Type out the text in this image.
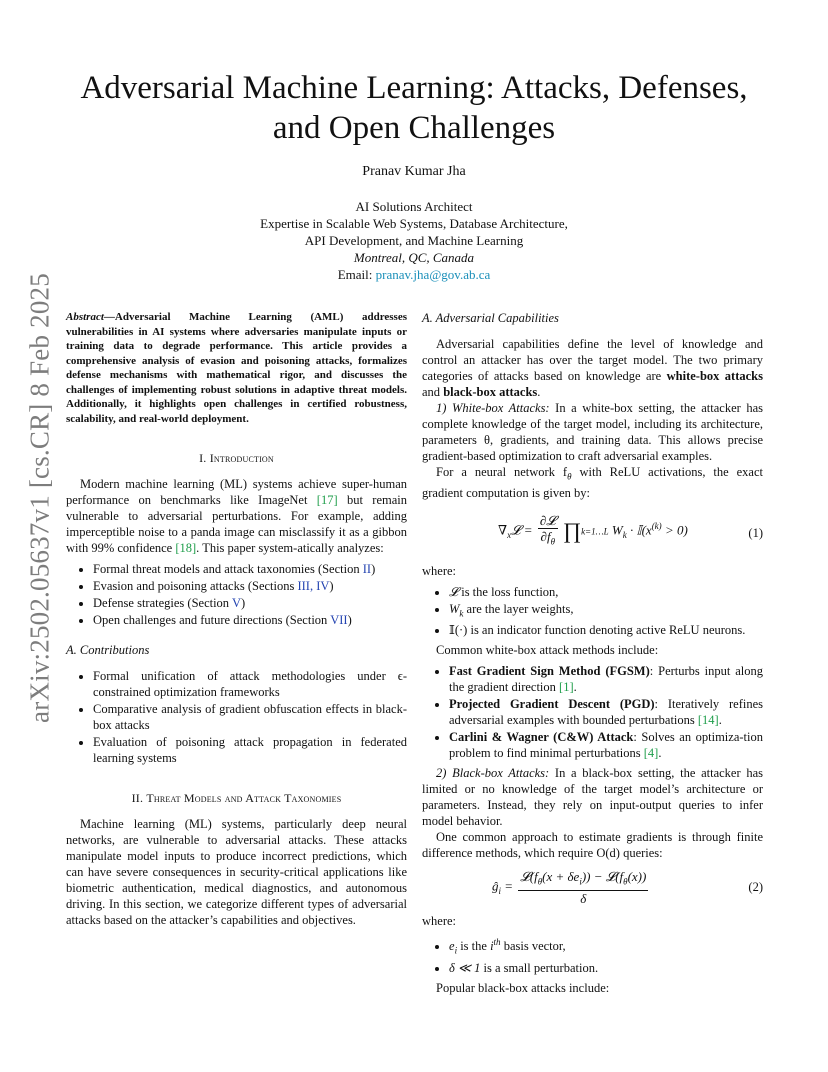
arXiv:2502.05637v1 [cs.CR] 8 Feb 2025
Adversarial Machine Learning: Attacks, Defenses,
and Open Challenges
Pranav Kumar Jha
AI Solutions Architect
Expertise in Scalable Web Systems, Database Architecture,
API Development, and Machine Learning
Montreal, QC, Canada
Email: pranav.jha@gov.ab.ca

Abstract—Adversarial Machine Learning (AML) addresses vulnerabilities in AI systems where adversaries manipulate inputs or training data to degrade performance. This article provides a comprehensive analysis of evasion and poisoning attacks, formalizes defense mechanisms with mathematical rigor, and discusses the challenges of implementing robust solutions in adaptive threat models. Additionally, it highlights open challenges in certified robustness, scalability, and real-world deployment.

I. Introduction

Modern machine learning (ML) systems achieve super-human performance on benchmarks like ImageNet [17] but remain vulnerable to adversarial perturbations. For example, adding imperceptible noise to a panda image can misclassify it as a gibbon with 99% confidence [18]. This paper system-atically analyzes:

• Formal threat models and attack taxonomies (Section II)
• Evasion and poisoning attacks (Sections III, IV)
• Defense strategies (Section V)
• Open challenges and future directions (Section VII)
A. Contributions
• Formal unification of attack methodologies under ϵ-constrained optimization frameworks
• Comparative analysis of gradient obfuscation effects in black-box attacks
• Evaluation of poisoning attack propagation in federated learning systems
II. Threat Models and Attack Taxonomies

Machine learning (ML) systems, particularly deep neural networks, are vulnerable to adversarial attacks. These attacks manipulate model inputs to produce incorrect predictions, which can have severe consequences in security-critical applications like biometric authentication, medical diagnostics, and autonomous driving. In this section, we categorize different types of adversarial attacks based on the attacker’s capabilities and objectives.

A. Adversarial Capabilities

Adversarial capabilities define the level of knowledge and control an attacker has over the target model. The two primary categories of attacks based on knowledge are white-box attacks and black-box attacks.

1) White-box Attacks: In a white-box setting, the attacker has complete knowledge of the target model, including its architecture, parameters θ, gradients, and training data. This allows precise gradient-based optimization to craft adversarial examples.

For a neural network $f_\theta$ with ReLU activations, the exact gradient computation is given by:

$\nabla_x𝓛 = \frac{\text{∂𝓛}}{\partial f_\theta}$ ∏k=1…L $W_k$ · $𝕀(x^{(k)} > 0)$	(1)

where:

• 𝓛 is the loss function,
• $W_k$ are the layer weights,
• 𝕀(·) is an indicator function denoting active ReLU neurons.

Common white-box attack methods include:

• Fast Gradient Sign Method (FGSM): Perturbs input along the gradient direction [1].
• Projected Gradient Descent (PGD): Iteratively refines adversarial examples with bounded perturbations [14].
• Carlini & Wagner (C&W) Attack: Solves an optimiza-tion problem to find minimal perturbations [4].

2) Black-box Attacks: In a black-box setting, the attacker has limited or no knowledge of the target model’s architecture or parameters. Instead, they rely on input-output queries to infer model behavior.

One common approach to estimate gradients is through finite difference methods, which require O(d) queries:

$ĝ_i = \frac{𝓛(f_\theta(x + \delta e_i)) - 𝓛(f_\theta(x))}{\delta}$	(2)

where:

• $e_i$ is the $i^{th}$ basis vector,
• δ ≪ 1 is a small perturbation.

Popular black-box attacks include:
